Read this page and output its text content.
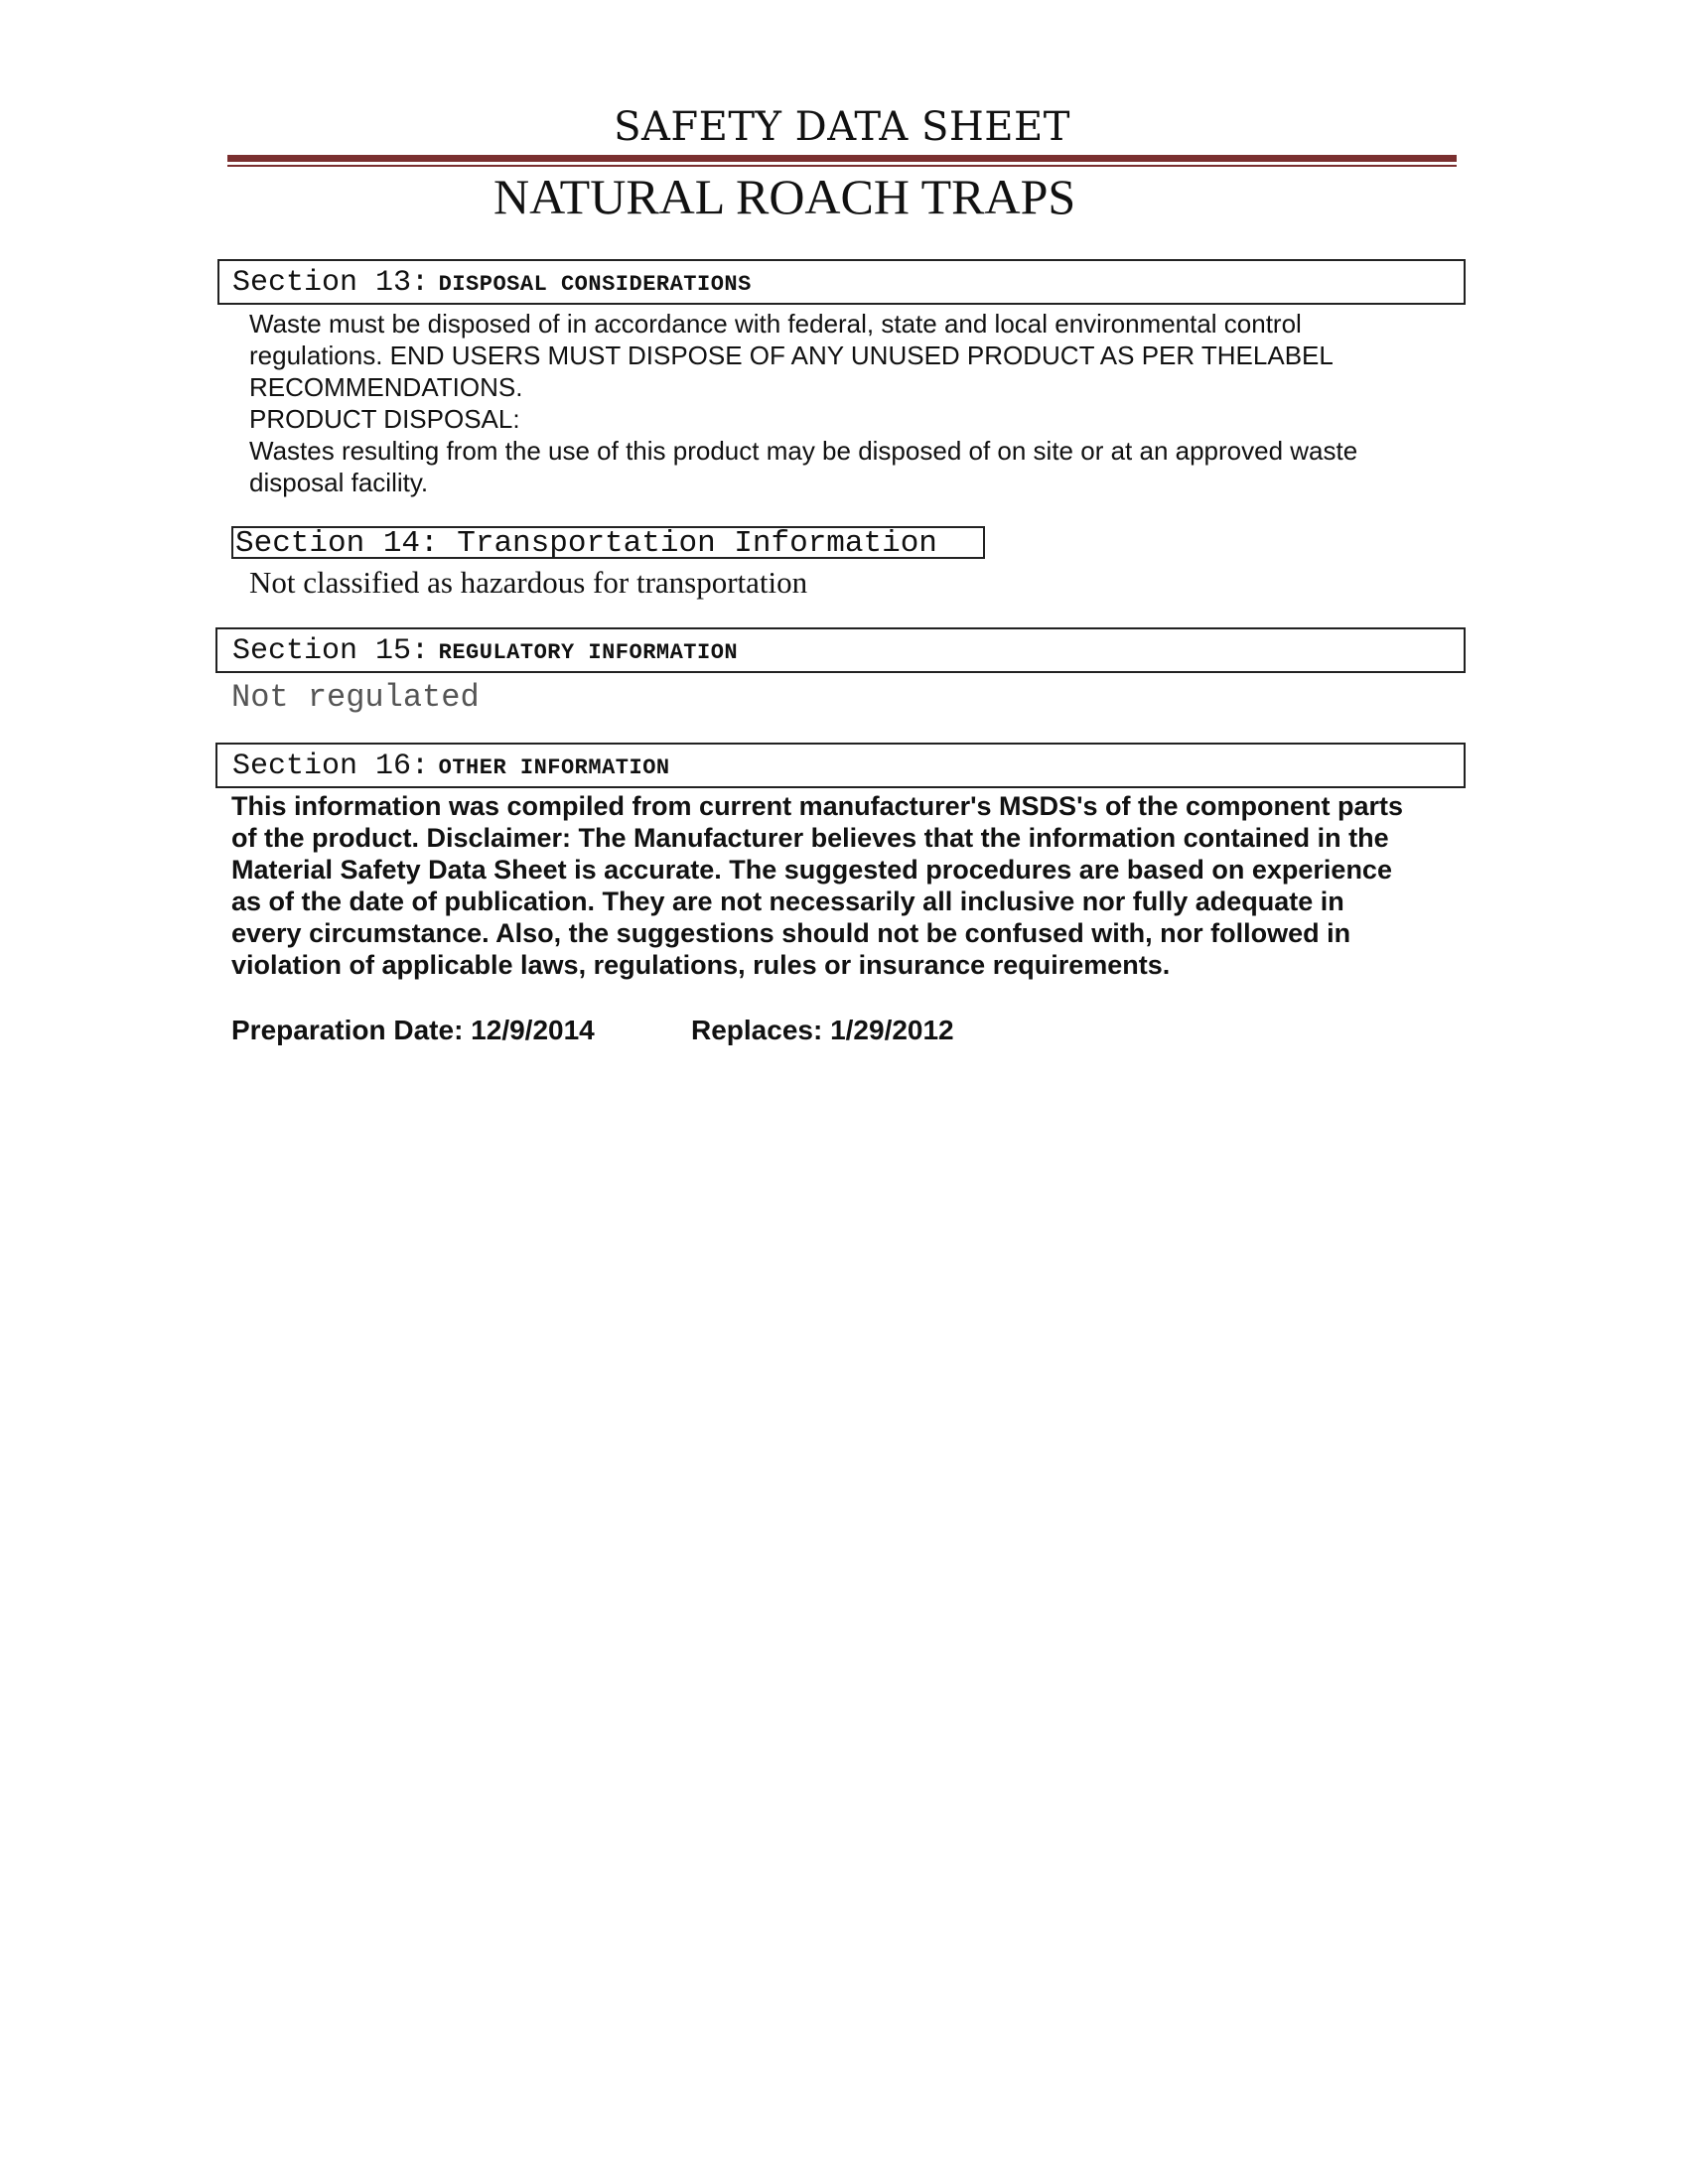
SAFETY DATA SHEET
NATURAL ROACH TRAPS
Section 13: DISPOSAL CONSIDERATIONS
Waste must be disposed of in accordance with federal, state and local environmental control
regulations. END USERS MUST DISPOSE OF ANY UNUSED PRODUCT AS PER THELABEL
RECOMMENDATIONS.
PRODUCT DISPOSAL:
Wastes resulting from the use of this product may be disposed of on site or at an approved waste
disposal facility.
Section 14: Transportation Information
Not classified as hazardous for transportation
Section 15: REGULATORY INFORMATION
Not regulated
Section 16: OTHER INFORMATION
This information was compiled from current manufacturer's MSDS's of the component parts
of the product. Disclaimer: The Manufacturer believes that the information contained in the
Material Safety Data Sheet is accurate. The suggested procedures are based on experience
as of the date of publication. They are not necessarily all inclusive nor fully adequate in
every circumstance. Also, the suggestions should not be confused with, nor followed in
violation of applicable laws, regulations, rules or insurance requirements.
Preparation Date: 12/9/2014	Replaces: 1/29/2012
